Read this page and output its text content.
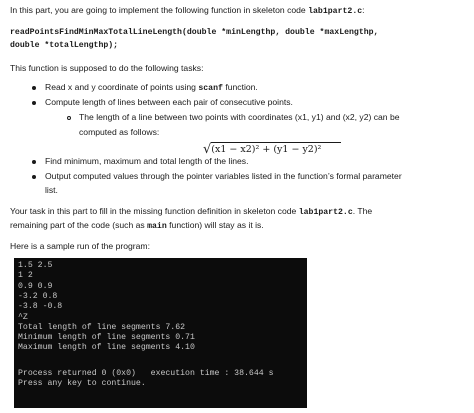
In this part, you are going to implement the following function in skeleton code lab1part2.c:
readPointsFindMinMaxTotalLineLength(double *minLengthp, double *maxLengthp,
double *totalLengthp);
This function is supposed to do the following tasks:
Read x and y coordinate of points using scanf function.
Compute length of lines between each pair of consecutive points.
The length of a line between two points with coordinates (x1, y1) and (x2, y2) can be
computed as follows:
√(x1 − x2)² + (y1 − y2)²
Find minimum, maximum and total length of the lines.
Output computed values through the pointer variables listed in the function’s formal parameter
list.
Your task in this part to fill in the missing function definition in skeleton code lab1part2.c. The
remaining part of the code (such as main function) will stay as it is.
Here is a sample run of the program:
1.5 2.5
1 2
0.9 0.9
-3.2 0.8
-3.8 -0.8
^Z
Total length of line segments 7.62
Minimum length of line segments 0.71
Maximum length of line segments 4.10
Process returned 0 (0x0)   execution time : 38.644 s
Press any key to continue.
